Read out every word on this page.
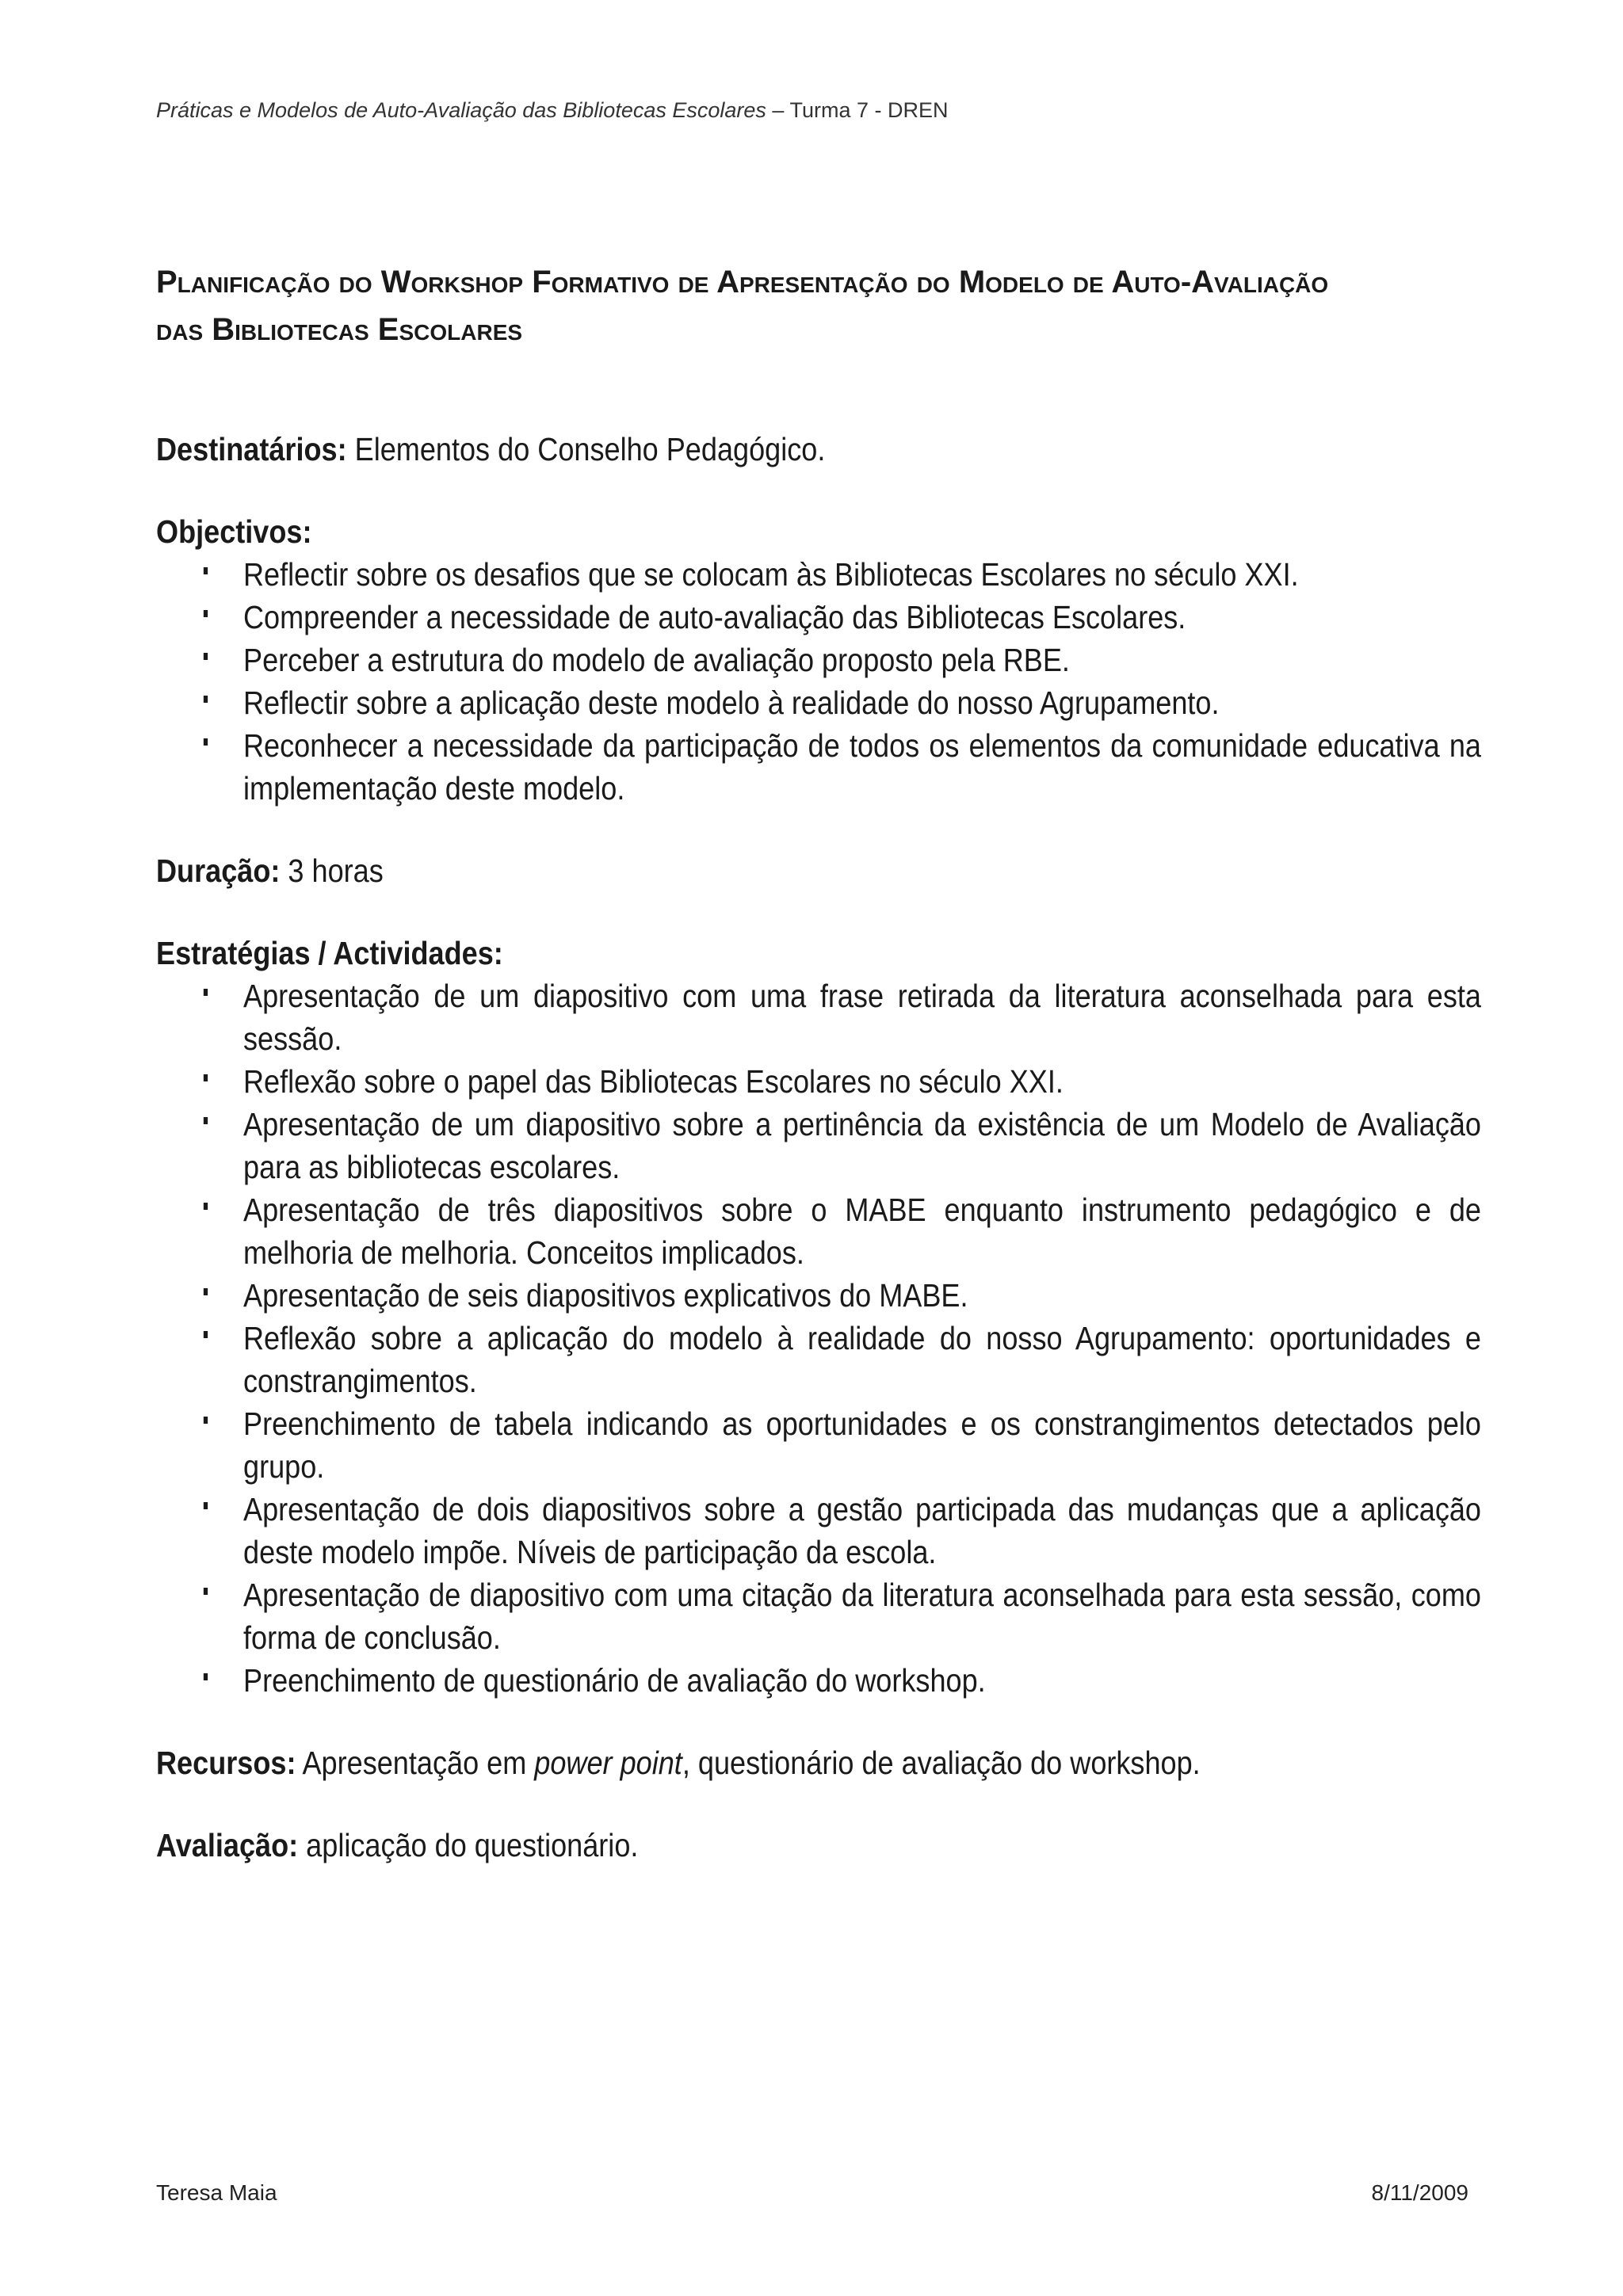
Práticas e Modelos de Auto-Avaliação das Bibliotecas Escolares – Turma 7 - DREN
Planificação do Workshop Formativo de Apresentação do Modelo de Auto-Avaliação
das Bibliotecas Escolares

Destinatários: Elementos do Conselho Pedagógico.

Objectivos:

Reflectir sobre os desafios que se colocam às Bibliotecas Escolares no século XXI.
Compreender a necessidade de auto-avaliação das Bibliotecas Escolares.
Perceber a estrutura do modelo de avaliação proposto pela RBE.
Reflectir sobre a aplicação deste modelo à realidade do nosso Agrupamento.
Reconhecer a necessidade da participação de todos os elementos da comunidade educativa na implementação deste modelo.

Duração: 3 horas

Estratégias / Actividades:

Apresentação de um diapositivo com uma frase retirada da literatura aconselhada para esta sessão.
Reflexão sobre o papel das Bibliotecas Escolares no século XXI.
Apresentação de um diapositivo sobre a pertinência da existência de um Modelo de Avaliação para as bibliotecas escolares.
Apresentação de três diapositivos sobre o MABE enquanto instrumento pedagógico e de melhoria de melhoria. Conceitos implicados.
Apresentação de seis diapositivos explicativos do MABE.
Reflexão sobre a aplicação do modelo à realidade do nosso Agrupamento: oportunidades e constrangimentos.
Preenchimento de tabela indicando as oportunidades e os constrangimentos detectados pelo grupo.
Apresentação de dois diapositivos sobre a gestão participada das mudanças que a aplicação deste modelo impõe. Níveis de participação da escola.
Apresentação de diapositivo com uma citação da literatura aconselhada para esta sessão, como forma de conclusão.
Preenchimento de questionário de avaliação do workshop.

Recursos: Apresentação em power point, questionário de avaliação do workshop.

Avaliação: aplicação do questionário.

Teresa Maia	8/11/2009
